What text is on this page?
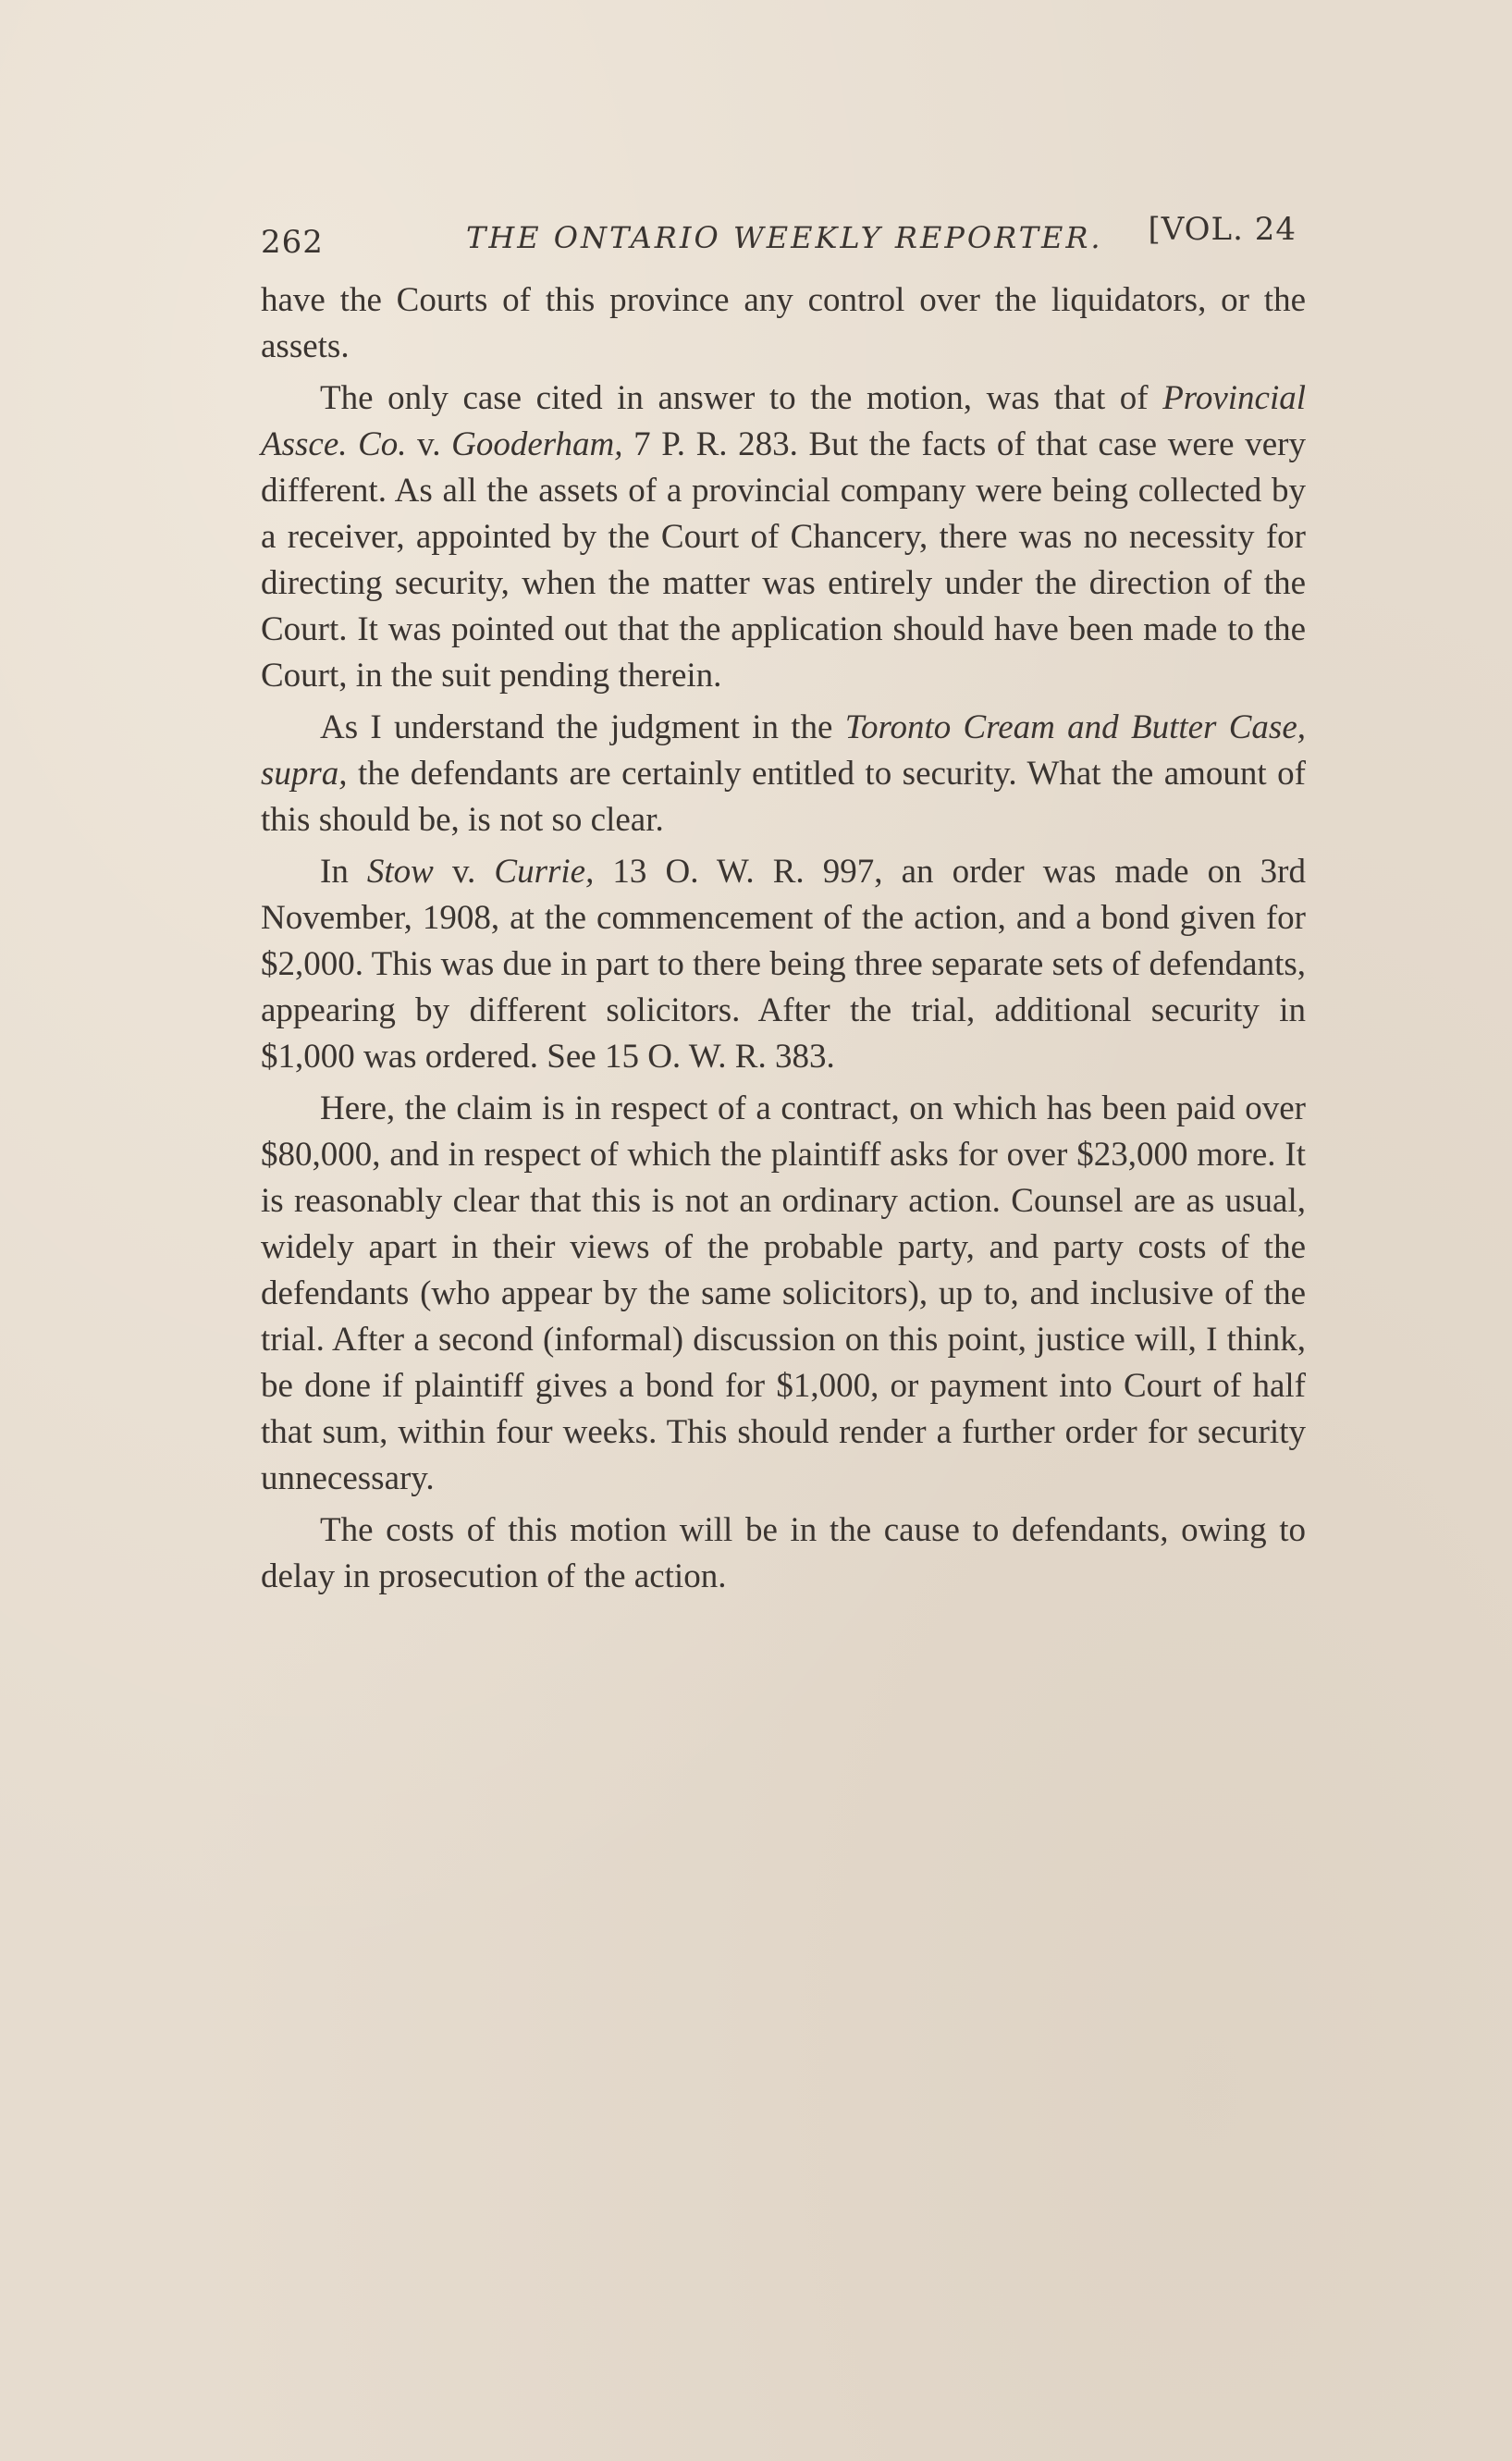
262	THE ONTARIO WEEKLY REPORTER. [VOL. 24

have the Courts of this province any control over the liquidators, or the assets.

The only case cited in answer to the motion, was that of Provincial Assce. Co. v. Gooderham, 7 P. R. 283. But the facts of that case were very different. As all the assets of a provincial company were being collected by a receiver, appointed by the Court of Chancery, there was no necessity for directing security, when the matter was entirely under the direction of the Court. It was pointed out that the application should have been made to the Court, in the suit pending therein.

As I understand the judgment in the Toronto Cream and Butter Case, supra, the defendants are certainly entitled to security. What the amount of this should be, is not so clear.

In Stow v. Currie, 13 O. W. R. 997, an order was made on 3rd November, 1908, at the commencement of the action, and a bond given for $2,000. This was due in part to there being three separate sets of defendants, appearing by different solicitors. After the trial, additional security in $1,000 was ordered. See 15 O. W. R. 383.

Here, the claim is in respect of a contract, on which has been paid over $80,000, and in respect of which the plaintiff asks for over $23,000 more. It is reasonably clear that this is not an ordinary action. Counsel are as usual, widely apart in their views of the probable party, and party costs of the defendants (who appear by the same solicitors), up to, and inclusive of the trial. After a second (informal) discussion on this point, justice will, I think, be done if plaintiff gives a bond for $1,000, or payment into Court of half that sum, within four weeks. This should render a further order for security unnecessary.

The costs of this motion will be in the cause to defendants, owing to delay in prosecution of the action.
